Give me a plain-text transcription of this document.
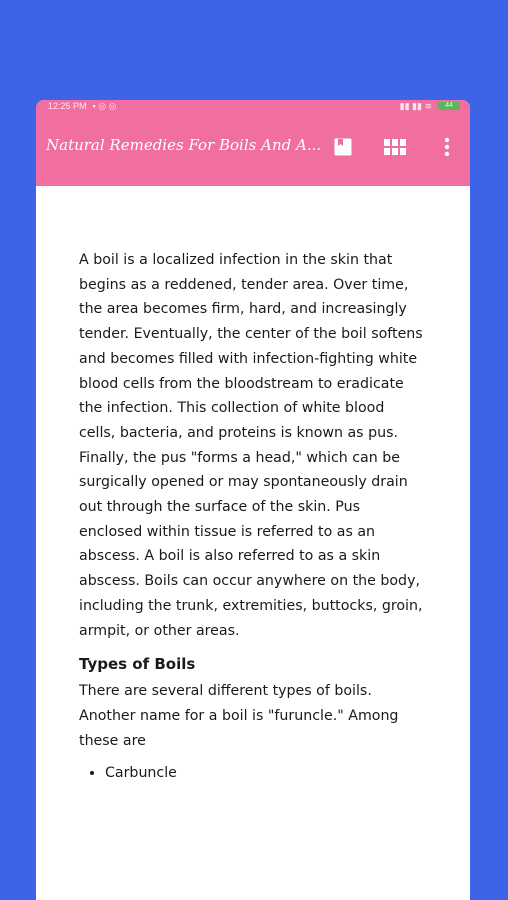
12:25 PM ▪ ◎ ◎	▮▮ ▮▮ ≋	44
Natural Remedies For Boils And A...

A boil is a localized infection in the skin that begins as a reddened, tender area. Over time, the area becomes firm, hard, and increasingly tender. Eventually, the center of the boil softens and becomes filled with infection-fighting white blood cells from the bloodstream to eradicate the infection. This collection of white blood cells, bacteria, and proteins is known as pus. Finally, the pus "forms a head," which can be surgically opened or may spontaneously drain out through the surface of the skin. Pus enclosed within tissue is referred to as an abscess. A boil is also referred to as a skin abscess. Boils can occur anywhere on the body, including the trunk, extremities, buttocks, groin, armpit, or other areas.

Types of Boils

There are several different types of boils. Another name for a boil is "furuncle." Among these are

• Carbuncle
